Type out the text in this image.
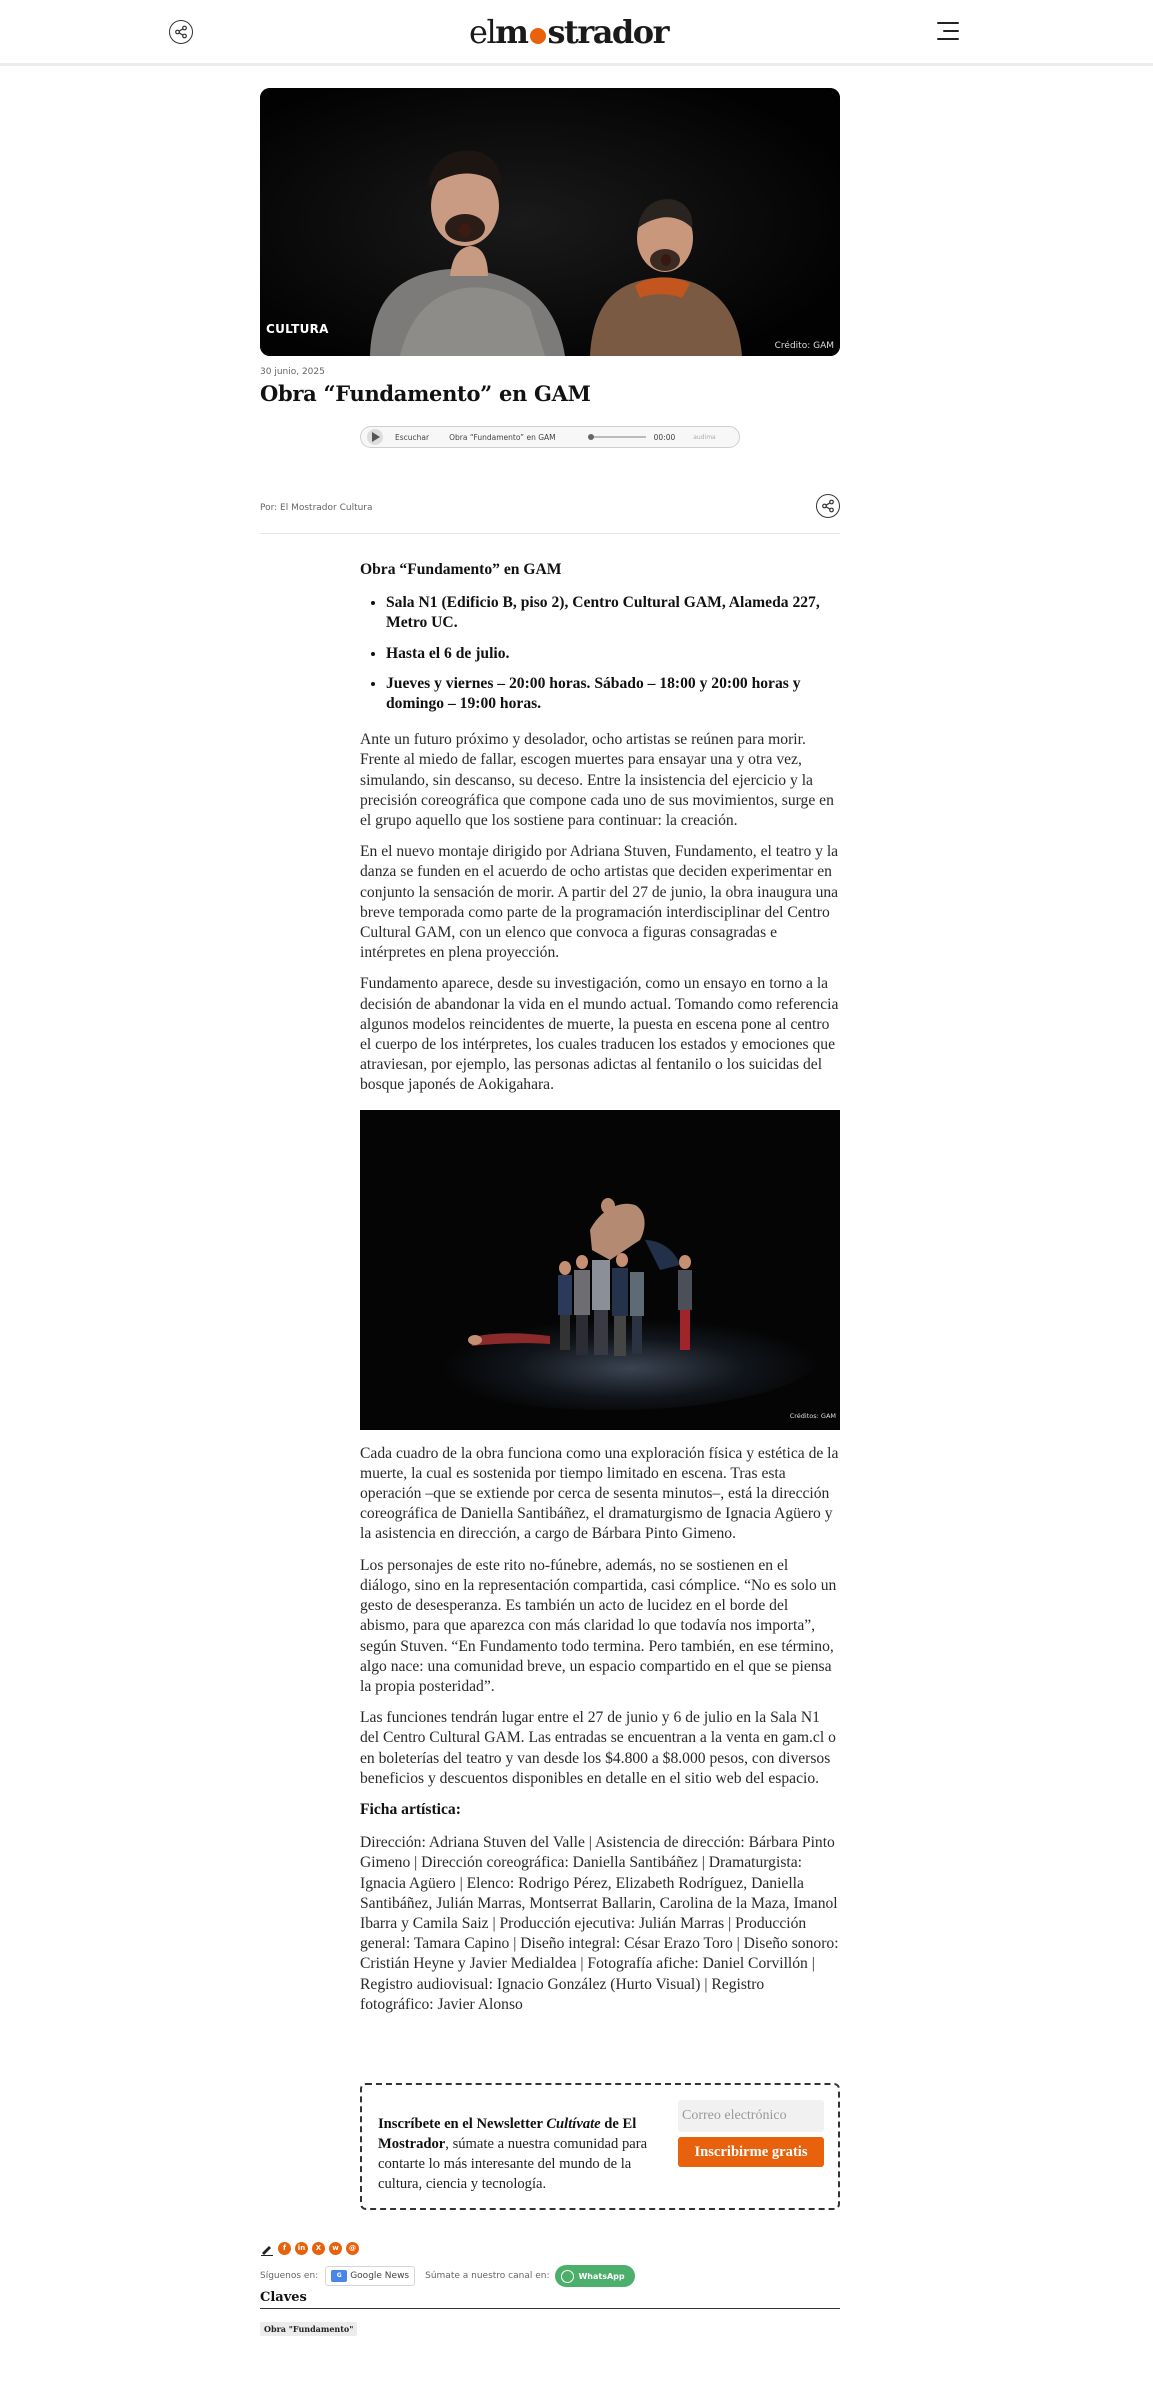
elm strador
CULTURA
Crédito: GAM
30 junio, 2025
Obra “Fundamento” en GAM
Escuchar	Obra “Fundamento” en GAM	00:00	audima
Por: El Mostrador Cultura

Obra “Fundamento” en GAM

• Sala N1 (Edificio B, piso 2), Centro Cultural GAM, Alameda 227, Metro UC.
• Hasta el 6 de julio.
• Jueves y viernes – 20:00 horas. Sábado – 18:00 y 20:00 horas y domingo – 19:00 horas.

Ante un futuro próximo y desolador, ocho artistas se reúnen para morir. Frente al miedo de fallar, escogen muertes para ensayar una y otra vez, simulando, sin descanso, su deceso. Entre la insistencia del ejercicio y la precisión coreográfica que compone cada uno de sus movimientos, surge en el grupo aquello que los sostiene para continuar: la creación.

En el nuevo montaje dirigido por Adriana Stuven, Fundamento, el teatro y la danza se funden en el acuerdo de ocho artistas que deciden experimentar en conjunto la sensación de morir. A partir del 27 de junio, la obra inaugura una breve temporada como parte de la programación interdisciplinar del Centro Cultural GAM, con un elenco que convoca a figuras consagradas e intérpretes en plena proyección.

Fundamento aparece, desde su investigación, como un ensayo en torno a la decisión de abandonar la vida en el mundo actual. Tomando como referencia algunos modelos reincidentes de muerte, la puesta en escena pone al centro el cuerpo de los intérpretes, los cuales traducen los estados y emociones que atraviesan, por ejemplo, las personas adictas al fentanilo o los suicidas del bosque japonés de Aokigahara.

Créditos: GAM

Cada cuadro de la obra funciona como una exploración física y estética de la muerte, la cual es sostenida por tiempo limitado en escena. Tras esta operación –que se extiende por cerca de sesenta minutos–, está la dirección coreográfica de Daniella Santibáñez, el dramaturgismo de Ignacia Agüero y la asistencia en dirección, a cargo de Bárbara Pinto Gimeno.

Los personajes de este rito no-fúnebre, además, no se sostienen en el diálogo, sino en la representación compartida, casi cómplice. “No es solo un gesto de desesperanza. Es también un acto de lucidez en el borde del abismo, para que aparezca con más claridad lo que todavía nos importa”, según Stuven. “En Fundamento todo termina. Pero también, en ese término, algo nace: una comunidad breve, un espacio compartido en el que se piensa la propia posteridad”.

Las funciones tendrán lugar entre el 27 de junio y 6 de julio en la Sala N1 del Centro Cultural GAM. Las entradas se encuentran a la venta en gam.cl o en boleterías del teatro y van desde los $4.800 a $8.000 pesos, con diversos beneficios y descuentos disponibles en detalle en el sitio web del espacio.

Ficha artística:

Dirección: Adriana Stuven del Valle | Asistencia de dirección: Bárbara Pinto Gimeno | Dirección coreográfica: Daniella Santibáñez | Dramaturgista: Ignacia Agüero | Elenco: Rodrigo Pérez, Elizabeth Rodríguez, Daniella Santibáñez, Julián Marras, Montserrat Ballarin, Carolina de la Maza, Imanol Ibarra y Camila Saiz | Producción ejecutiva: Julián Marras | Producción general: Tamara Capino | Diseño integral: César Erazo Toro | Diseño sonoro: Cristián Heyne y Javier Medialdea | Fotografía afiche: Daniel Corvillón | Registro audiovisual: Ignacio González (Hurto Visual) | Registro fotográfico: Javier Alonso

Inscríbete en el Newsletter Cultívate de El Mostrador, súmate a nuestra comunidad para contarte lo más interesante del mundo de la cultura, ciencia y tecnología.
Correo electrónico
Inscribirme gratis
f	in	X	w	@
Síguenos en:	G Google News Súmate a nuestro canal en:	WhatsApp
Claves
Obra "Fundamento"
